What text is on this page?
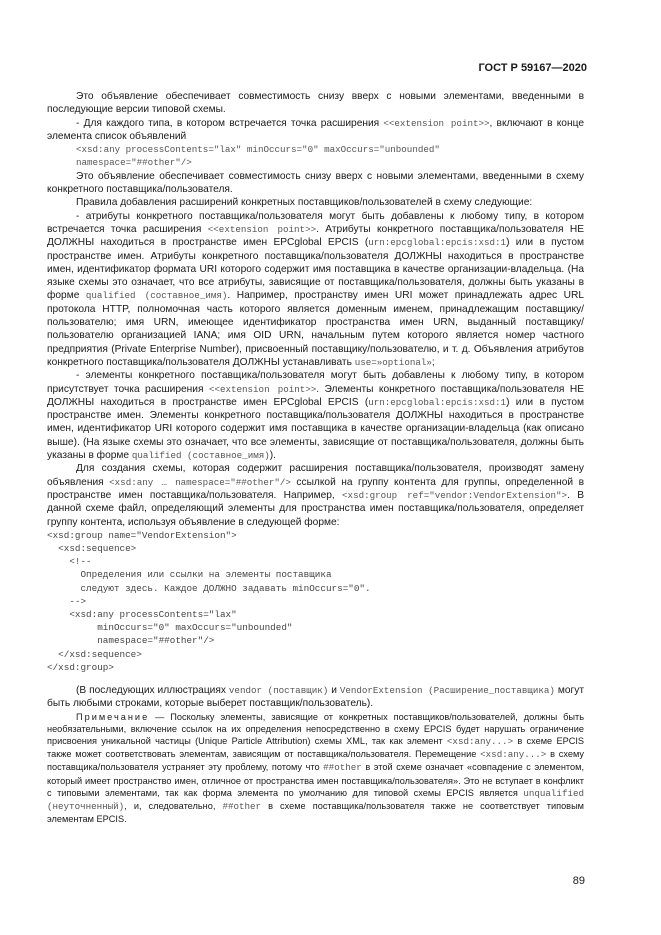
ГОСТ Р 59167—2020

Это объявление обеспечивает совместимость снизу вверх с новыми элементами, введенными в последующие версии типовой схемы.

- Для каждого типа, в котором встречается точка расширения <<extension point>>, включают в конце элемента список объявлений

<xsd:any processContents="lax" minOccurs="0" maxOccurs="unbounded"

namespace="##other"/>

Это объявление обеспечивает совместимость снизу вверх с новыми элементами, введенными в схему конкретного поставщика/пользователя.

Правила добавления расширений конкретных поставщиков/пользователей в схему следующие:

- атрибуты конкретного поставщика/пользователя могут быть добавлены к любому типу, в котором встречается точка расширения <<extension point>>. Атрибуты конкретного поставщика/пользователя НЕ ДОЛЖНЫ находиться в пространстве имен EPCglobal EPCIS (urn:epcglobal:epcis:xsd:1) или в пустом пространстве имен. Атрибуты конкретного поставщика/пользователя ДОЛЖНЫ находиться в пространстве имен, идентификатор формата URI которого содержит имя поставщика в качестве организации-владельца. (На языке схемы это означает, что все атрибуты, зависящие от поставщика/пользователя, должны быть указаны в форме qualified (составное_имя). Например, пространству имен URI может принадлежать адрес URL протокола HTTP, полномочная часть которого является доменным именем, принадлежащим поставщику/пользователю; имя URN, имеющее идентификатор пространства имен URN, выданный поставщику/пользователю организацией IANA; имя OID URN, начальным путем которого является номер частного предприятия (Private Enterprise Number), присвоенный поставщику/пользователю, и т. д. Объявления атрибутов конкретного поставщика/пользователя ДОЛЖНЫ устанавливать use=»optional»;

- элементы конкретного поставщика/пользователя могут быть добавлены к любому типу, в котором присутствует точка расширения <<extension point>>. Элементы конкретного поставщика/пользователя НЕ ДОЛЖНЫ находиться в пространстве имен EPCglobal EPCIS (urn:epcglobal:epcis:xsd:1) или в пустом пространстве имен. Элементы конкретного поставщика/пользователя ДОЛЖНЫ находиться в пространстве имен, идентификатор URI которого содержит имя поставщика в качестве организации-владельца (как описано выше). (На языке схемы это означает, что все элементы, зависящие от поставщика/пользователя, должны быть указаны в форме qualified (составное_имя)).

Для создания схемы, которая содержит расширения поставщика/пользователя, производят замену объявления <xsd:any … namespace="##other"/> ссылкой на группу контента для группы, определенной в пространстве имен поставщика/пользователя. Например, <xsd:group ref="vendor:VendorExtension">. В данной схеме файл, определяющий элементы для пространства имен поставщика/пользователя, определяет группу контента, используя объявление в следующей форме:

<xsd:group name="VendorExtension">
<xsd:sequence>
<!--
Определения или ссылки на элементы поставщика
следуют здесь. Каждое ДОЛЖНО задавать minOccurs="0".
-->
<xsd:any processContents="lax"
minOccurs="0" maxOccurs="unbounded"
namespace="##other"/>
</xsd:sequence>
</xsd:group>

(В последующих иллюстрациях vendor (поставщик) и VendorExtension (Расширение_поставщика) могут быть любыми строками, которые выберет поставщик/пользователь).

Примечание — Поскольку элементы, зависящие от конкретных поставщиков/пользователей, должны быть необязательными, включение ссылок на их определения непосредственно в схему EPCIS будет нарушать ограничение присвоения уникальной частицы (Unique Particle Attribution) схемы XML, так как элемент <xsd:any...> в схеме EPCIS также может соответствовать элементам, зависящим от поставщика/пользователя. Перемещение <xsd:any...> в схему поставщика/пользователя устраняет эту проблему, потому что ##other в этой схеме означает «совпадение с элементом, который имеет пространство имен, отличное от пространства имен поставщика/пользователя». Это не вступает в конфликт с типовыми элементами, так как форма элемента по умолчанию для типовой схемы EPCIS является unqualified (неуточненный), и, следовательно, ##other в схеме поставщика/пользователя также не соответствует типовым элементам EPCIS.

89
